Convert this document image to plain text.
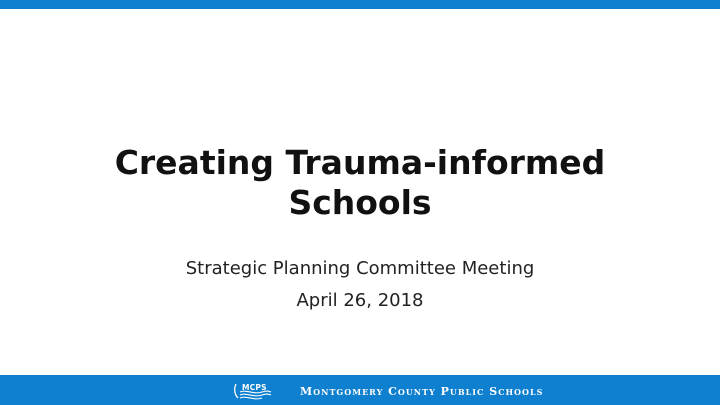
Creating Trauma-informed
Schools

Strategic Planning Committee Meeting

April 26, 2018

MCPS	Montgomery County Public Schools
